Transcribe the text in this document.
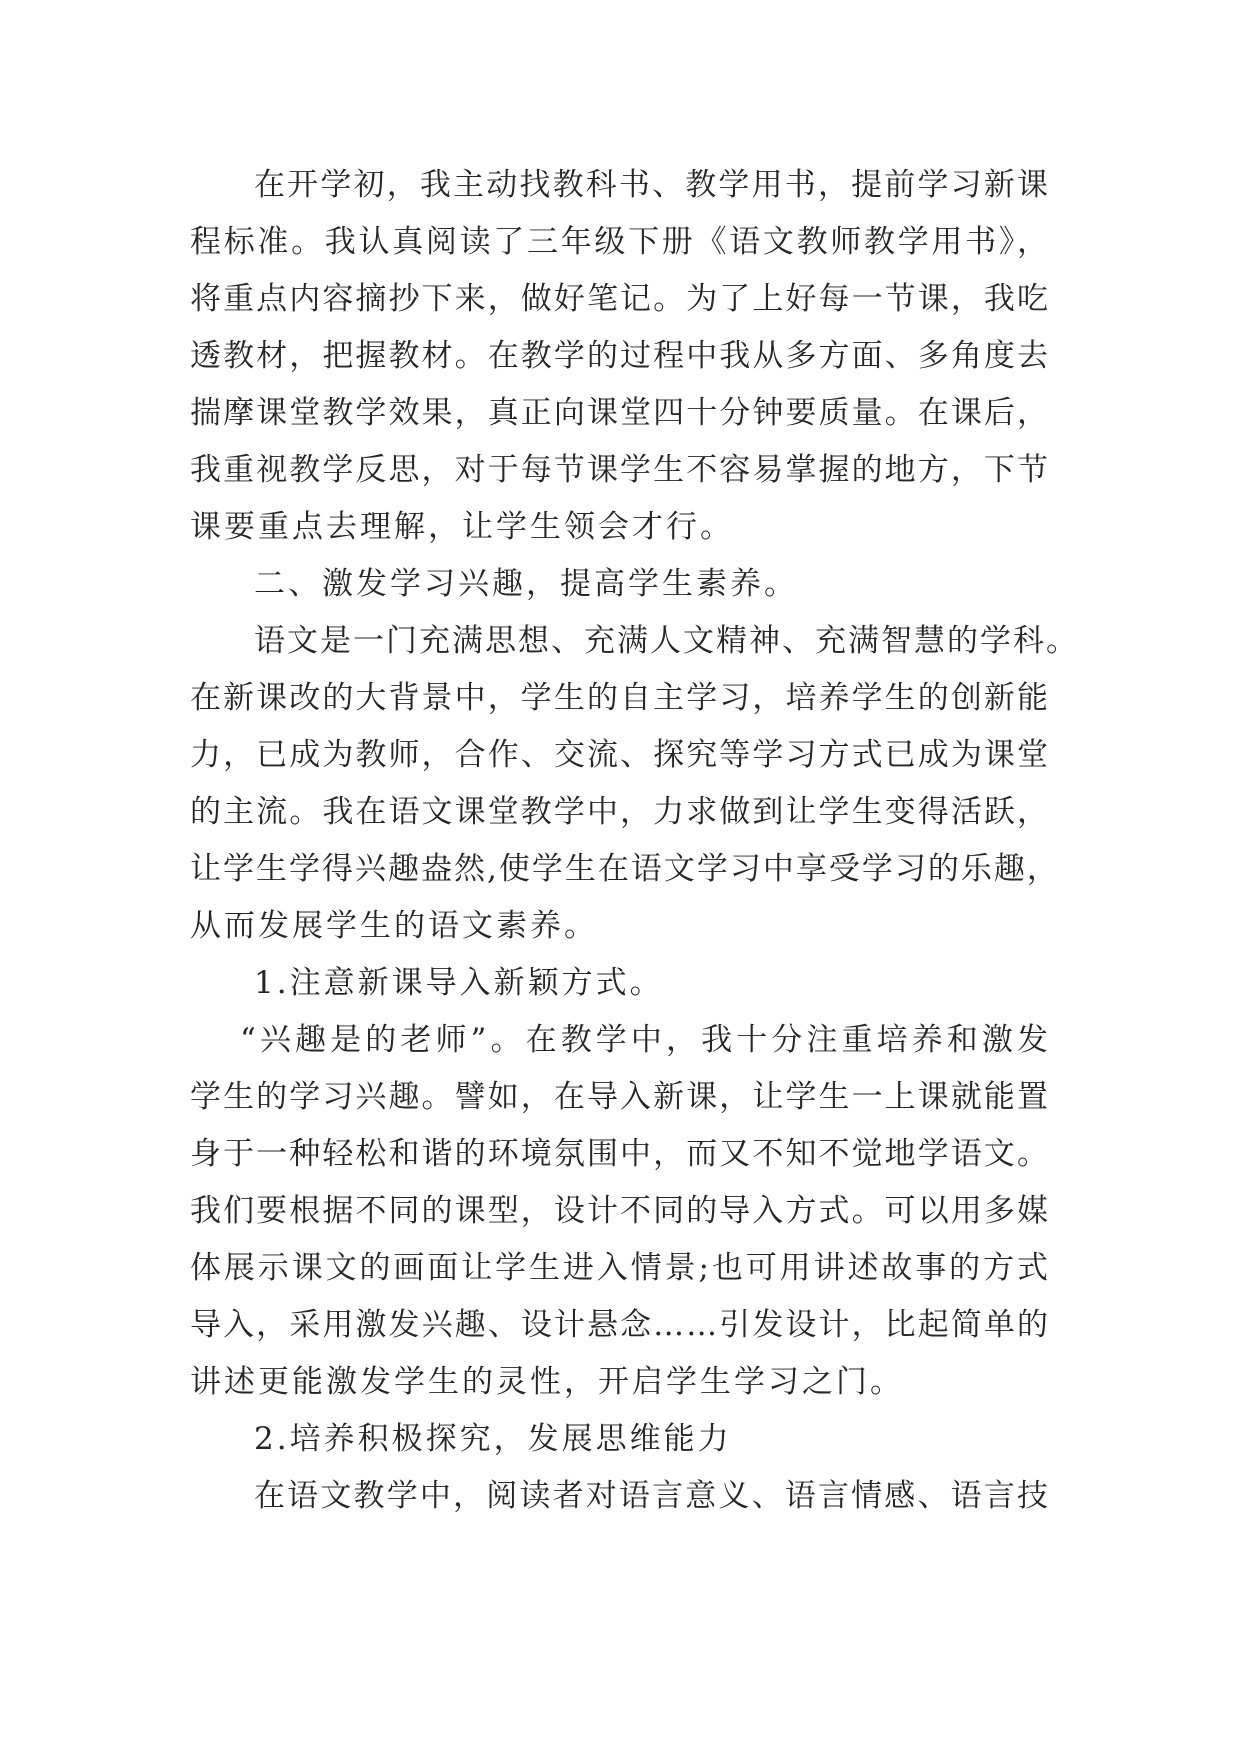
在开学初，我主动找教科书、教学用书，提前学习新课
程标准。我认真阅读了三年级下册《语文教师教学用书》，
将重点内容摘抄下来，做好笔记。为了上好每一节课，我吃
透教材，把握教材。在教学的过程中我从多方面、多角度去
揣摩课堂教学效果，真正向课堂四十分钟要质量。在课后，
我重视教学反思，对于每节课学生不容易掌握的地方，下节
课要重点去理解，让学生领会才行。
二、激发学习兴趣，提高学生素养。
语文是一门充满思想、充满人文精神、充满智慧的学科。
在新课改的大背景中，学生的自主学习，培养学生的创新能
力，已成为教师，合作、交流、探究等学习方式已成为课堂
的主流。我在语文课堂教学中，力求做到让学生变得活跃，
让学生学得兴趣盎然,使学生在语文学习中享受学习的乐趣，
从而发展学生的语文素养。
1.注意新课导入新颖方式。
“兴趣是的老师”。在教学中，我十分注重培养和激发
学生的学习兴趣。譬如，在导入新课，让学生一上课就能置
身于一种轻松和谐的环境氛围中，而又不知不觉地学语文。
我们要根据不同的课型，设计不同的导入方式。可以用多媒
体展示课文的画面让学生进入情景;也可用讲述故事的方式
导入，采用激发兴趣、设计悬念……引发设计，比起简单的
讲述更能激发学生的灵性，开启学生学习之门。
2.培养积极探究，发展思维能力
在语文教学中，阅读者对语言意义、语言情感、语言技
